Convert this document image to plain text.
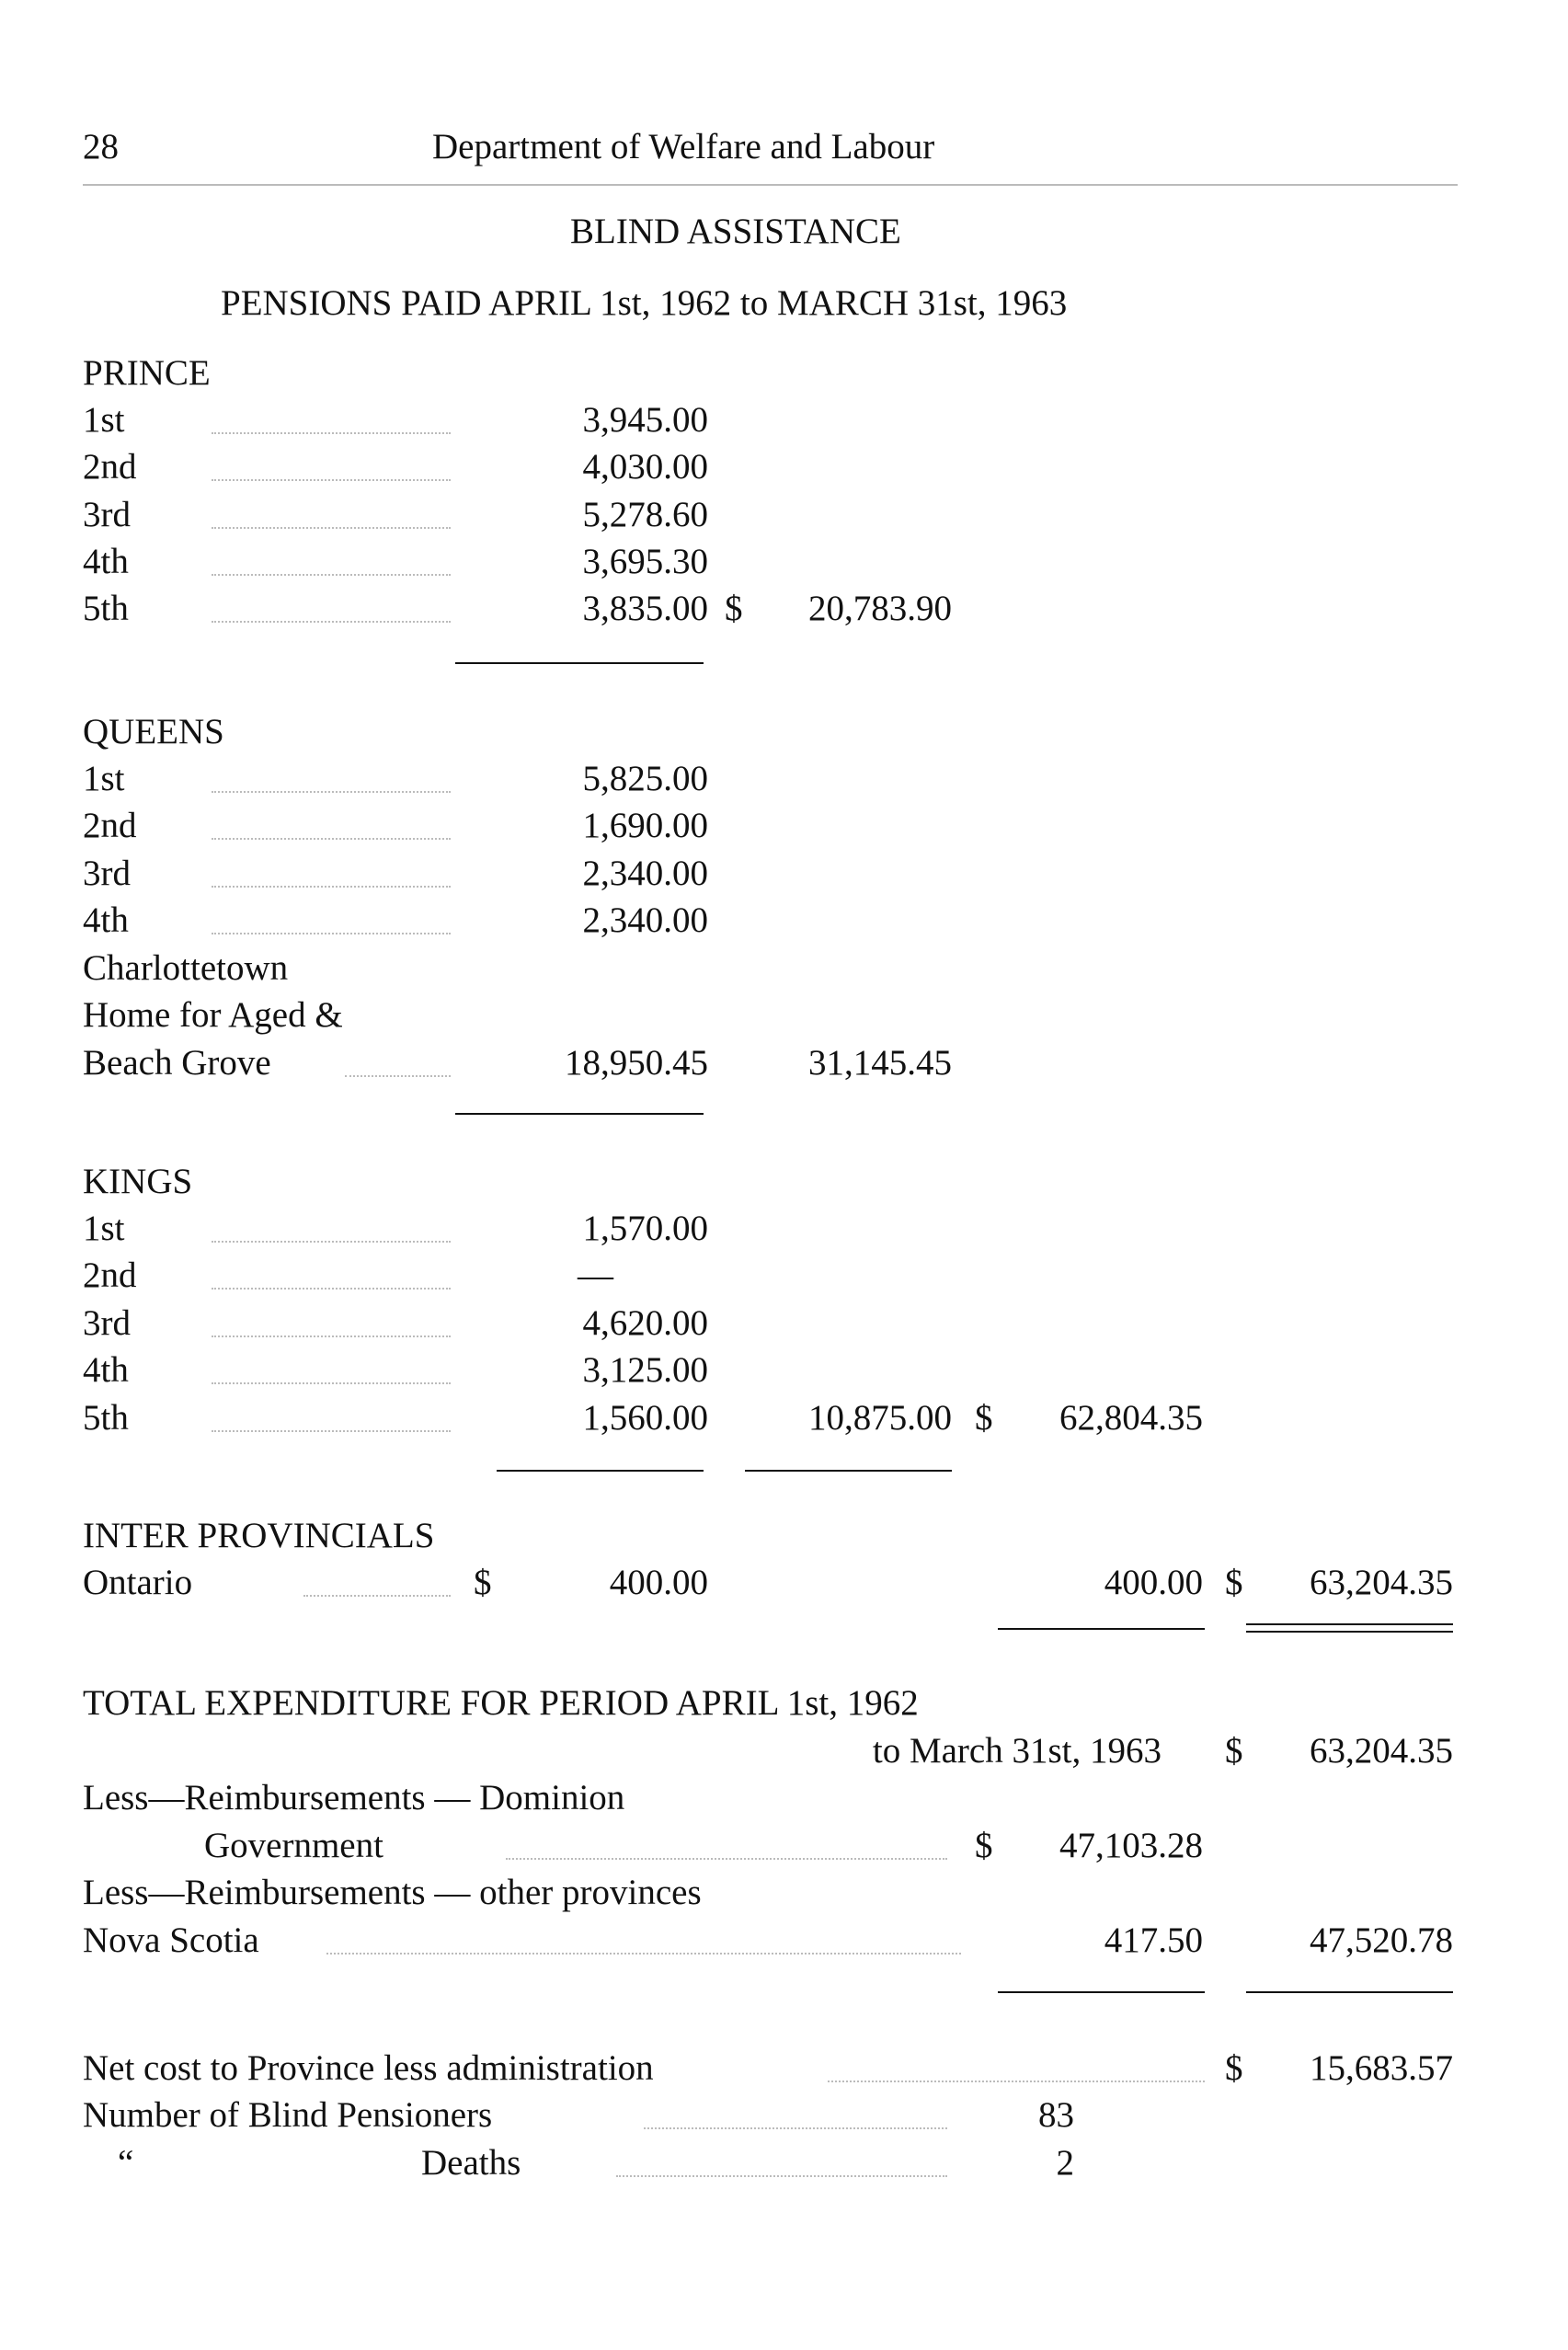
28	Department of Welfare and Labour
BLIND ASSISTANCE
PENSIONS PAID APRIL 1st, 1962 to MARCH 31st, 1963
PRINCE
1st	3,945.00
2nd	4,030.00
3rd	5,278.60
4th	3,695.30
5th	3,835.00 $ 20,783.90
QUEENS
1st	5,825.00
2nd	1,690.00
3rd	2,340.00
4th	2,340.00
Charlottetown
Home for Aged &
Beach Grove	18,950.45	31,145.45
KINGS
1st	1,570.00
2nd	—
3rd	4,620.00
4th	3,125.00
5th	1,560.00	10,875.00 $ 62,804.35
INTER PROVINCIALS
Ontario	$	400.00	400.00 $ 63,204.35
TOTAL EXPENDITURE FOR PERIOD APRIL 1st, 1962
to March 31st, 1963 $ 63,204.35
Less—Reimbursements — Dominion
Government	$ 47,103.28
Less—Reimbursements — other provinces
Nova Scotia	417.50	47,520.78
Net cost to Province less administration	$ 15,683.57
Number of Blind Pensioners	83
“	Deaths	2
